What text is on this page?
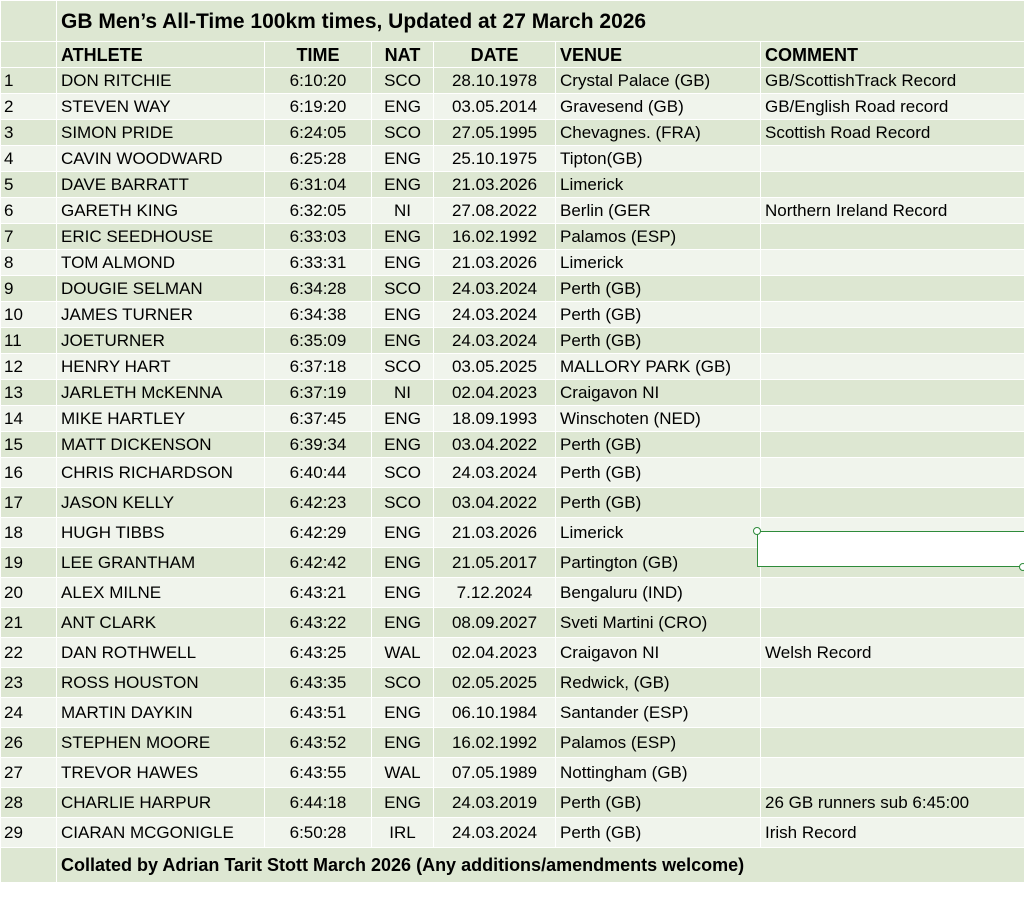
	GB Men’s All-Time 100km times, Updated at 27 March 2026					
	ATHLETE	TIME	NAT	DATE	VENUE	COMMENT
1	DON RITCHIE	6:10:20	SCO	28.10.1978	Crystal Palace (GB)	GB/ScottishTrack Record
2	STEVEN WAY	6:19:20	ENG	03.05.2014	Gravesend (GB)	GB/English Road record
3	SIMON PRIDE	6:24:05	SCO	27.05.1995	Chevagnes. (FRA)	Scottish Road Record
4	CAVIN WOODWARD	6:25:28	ENG	25.10.1975	Tipton(GB)	
5	DAVE BARRATT	6:31:04	ENG	21.03.2026	Limerick	
6	GARETH KING	6:32:05	NI	27.08.2022	Berlin (GER	Northern Ireland Record
7	ERIC SEEDHOUSE	6:33:03	ENG	16.02.1992	Palamos (ESP)	
8	TOM ALMOND	6:33:31	ENG	21.03.2026	Limerick	
9	DOUGIE SELMAN	6:34:28	SCO	24.03.2024	Perth (GB)	
10	JAMES TURNER	6:34:38	ENG	24.03.2024	Perth (GB)	
11	JOETURNER	6:35:09	ENG	24.03.2024	Perth (GB)	
12	HENRY HART	6:37:18	SCO	03.05.2025	MALLORY PARK (GB)	
13	JARLETH McKENNA	6:37:19	NI	02.04.2023	Craigavon NI	
14	MIKE HARTLEY	6:37:45	ENG	18.09.1993	Winschoten (NED)	
15	MATT DICKENSON	6:39:34	ENG	03.04.2022	Perth (GB)	
16	CHRIS RICHARDSON	6:40:44	SCO	24.03.2024	Perth (GB)	
17	JASON KELLY	6:42:23	SCO	03.04.2022	Perth (GB)	
18	HUGH TIBBS	6:42:29	ENG	21.03.2026	Limerick	
19	LEE GRANTHAM	6:42:42	ENG	21.05.2017	Partington (GB)	
20	ALEX MILNE	6:43:21	ENG	7.12.2024	Bengaluru (IND)	
21	ANT CLARK	6:43:22	ENG	08.09.2027	Sveti Martini (CRO)	
22	DAN ROTHWELL	6:43:25	WAL	02.04.2023	Craigavon NI	Welsh Record
23	ROSS HOUSTON	6:43:35	SCO	02.05.2025	Redwick, (GB)	
24	MARTIN DAYKIN	6:43:51	ENG	06.10.1984	Santander (ESP)	
26	STEPHEN MOORE	6:43:52	ENG	16.02.1992	Palamos (ESP)	
27	TREVOR HAWES	6:43:55	WAL	07.05.1989	Nottingham (GB)	
28	CHARLIE HARPUR	6:44:18	ENG	24.03.2019	Perth (GB)	26 GB runners sub 6:45:00
29	CIARAN MCGONIGLE	6:50:28	IRL	24.03.2024	Perth (GB)	Irish Record
	Collated by Adrian Tarit Stott March 2026 (Any additions/amendments welcome)					
